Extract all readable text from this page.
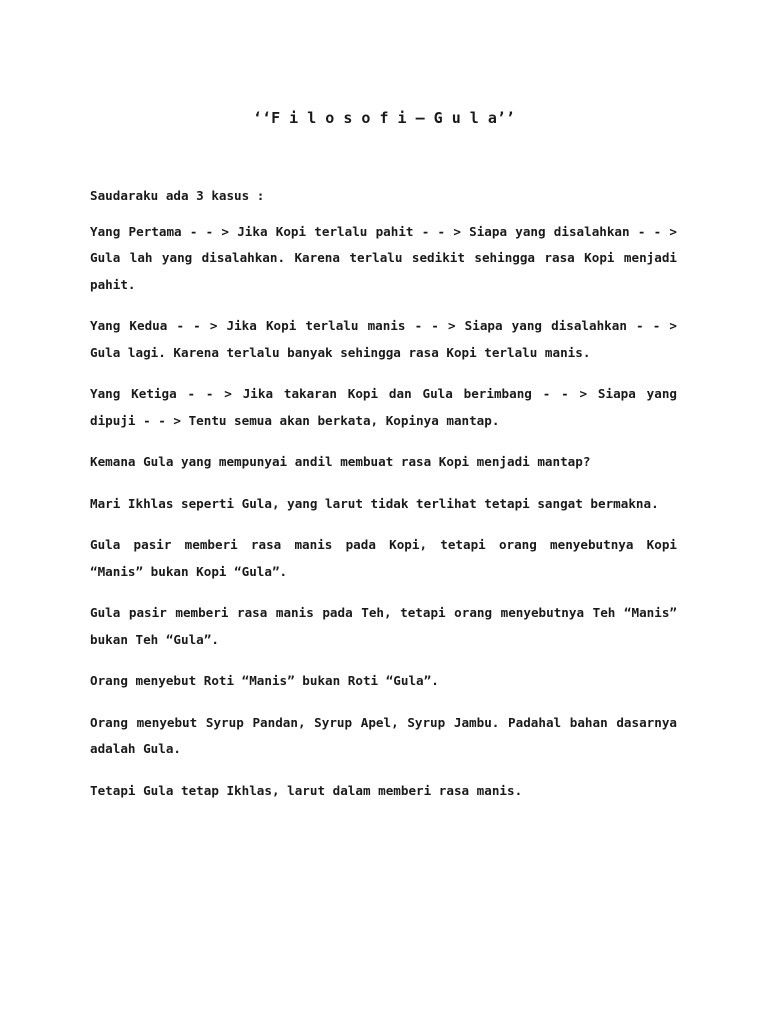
‘‘F i l o s o f i – G u l a’’

Saudaraku ada 3 kasus :

Yang Pertama - - > Jika Kopi terlalu pahit - - > Siapa yang disalahkan - - > Gula lah yang disalahkan. Karena terlalu sedikit sehingga rasa Kopi menjadi pahit.

Yang Kedua - - > Jika Kopi terlalu manis - - > Siapa yang disalahkan - - > Gula lagi. Karena terlalu banyak sehingga rasa Kopi terlalu manis.

Yang Ketiga - - > Jika takaran Kopi dan Gula berimbang - - > Siapa yang dipuji - - > Tentu semua akan berkata, Kopinya mantap.

Kemana Gula yang mempunyai andil membuat rasa Kopi menjadi mantap?

Mari Ikhlas seperti Gula, yang larut tidak terlihat tetapi sangat bermakna.

Gula pasir memberi rasa manis pada Kopi, tetapi orang menyebutnya Kopi “Manis” bukan Kopi “Gula”.

Gula pasir memberi rasa manis pada Teh, tetapi orang menyebutnya Teh “Manis” bukan Teh “Gula”.

Orang menyebut Roti “Manis” bukan Roti “Gula”.

Orang menyebut Syrup Pandan, Syrup Apel, Syrup Jambu. Padahal bahan dasarnya adalah Gula.

Tetapi Gula tetap Ikhlas, larut dalam memberi rasa manis.
